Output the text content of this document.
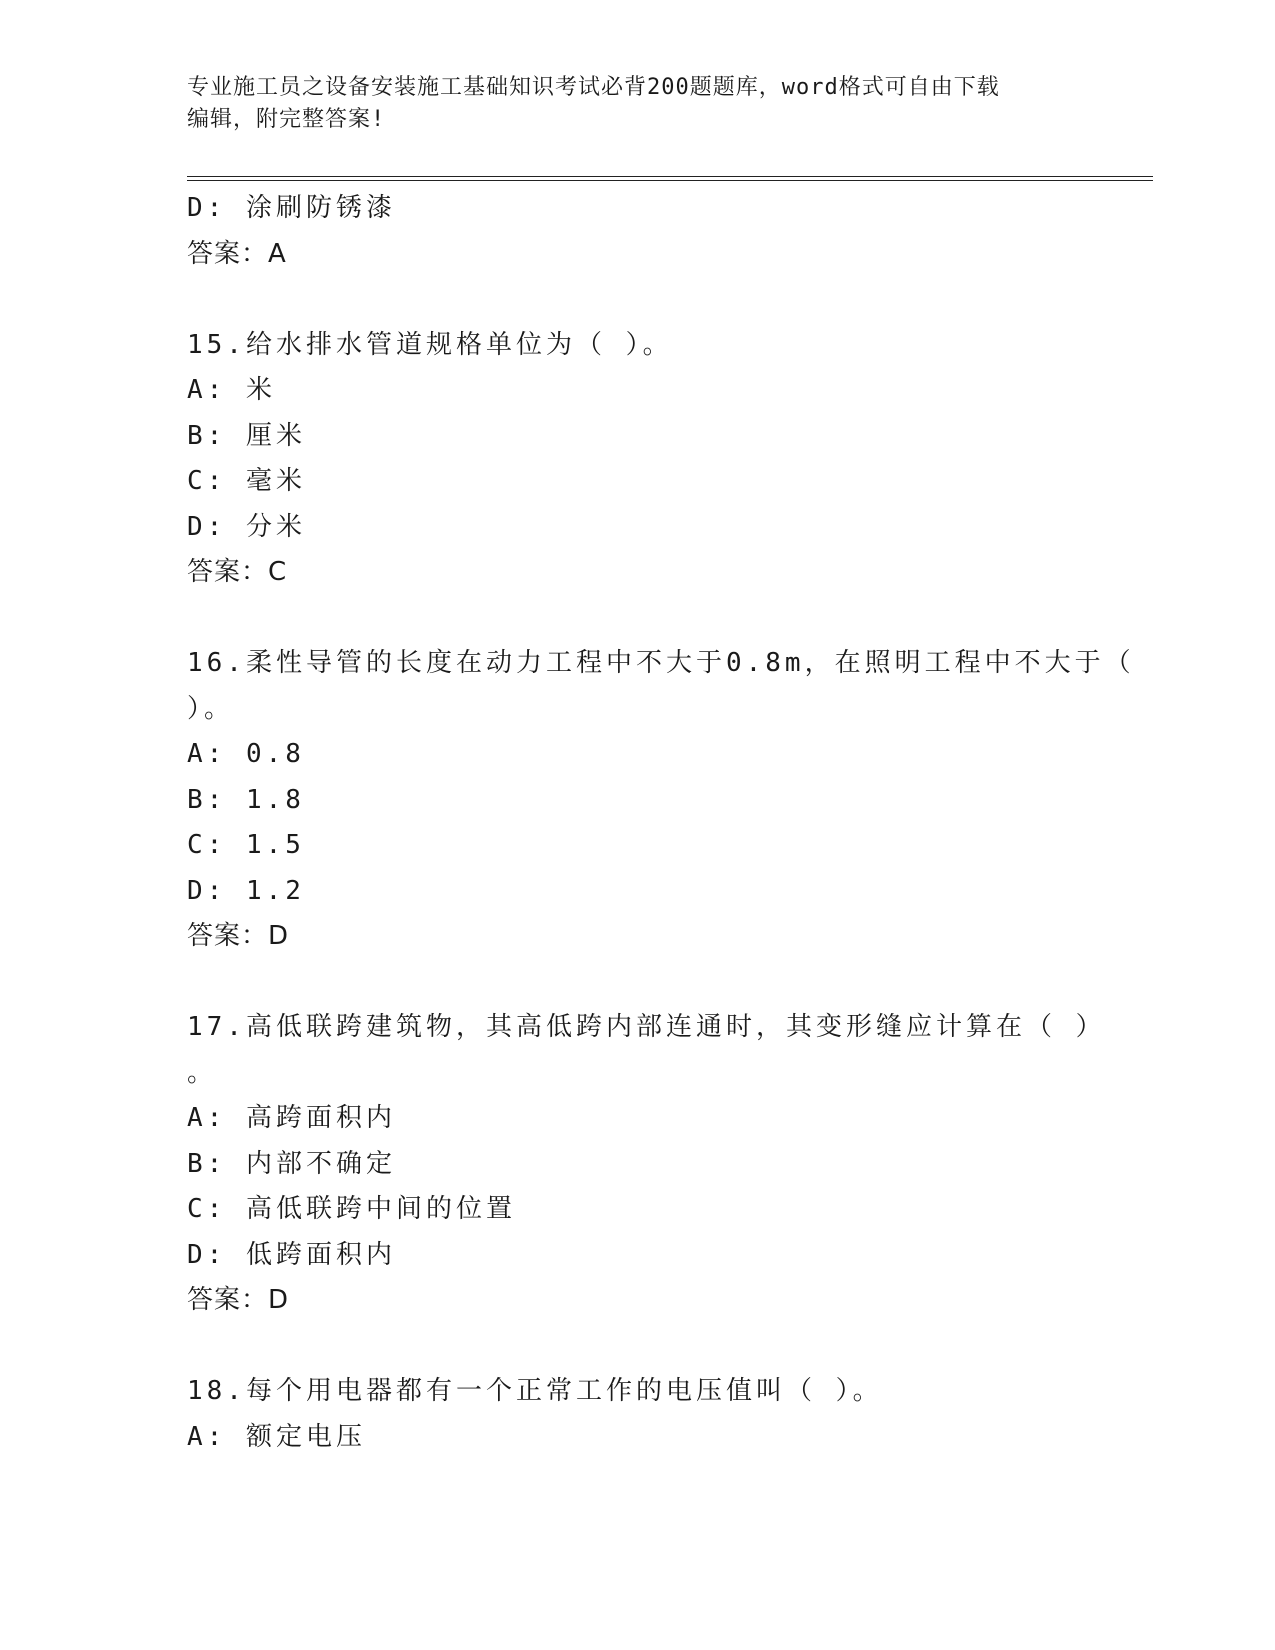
专业施工员之设备安装施工基础知识考试必背200题题库，word格式可自由下载
编辑，附完整答案!
D: 涂刷防锈漆
答案：A
15.给水排水管道规格单位为（ ）。
A: 米
B: 厘米
C: 毫米
D: 分米
答案：C
16.柔性导管的长度在动力工程中不大于0.8m，在照明工程中不大于（
）。
A: 0.8
B: 1.8
C: 1.5
D: 1.2
答案：D
17.高低联跨建筑物，其高低跨内部连通时，其变形缝应计算在（ ）
。
A: 高跨面积内
B: 内部不确定
C: 高低联跨中间的位置
D: 低跨面积内
答案：D
18.每个用电器都有一个正常工作的电压值叫（ ）。
A: 额定电压
